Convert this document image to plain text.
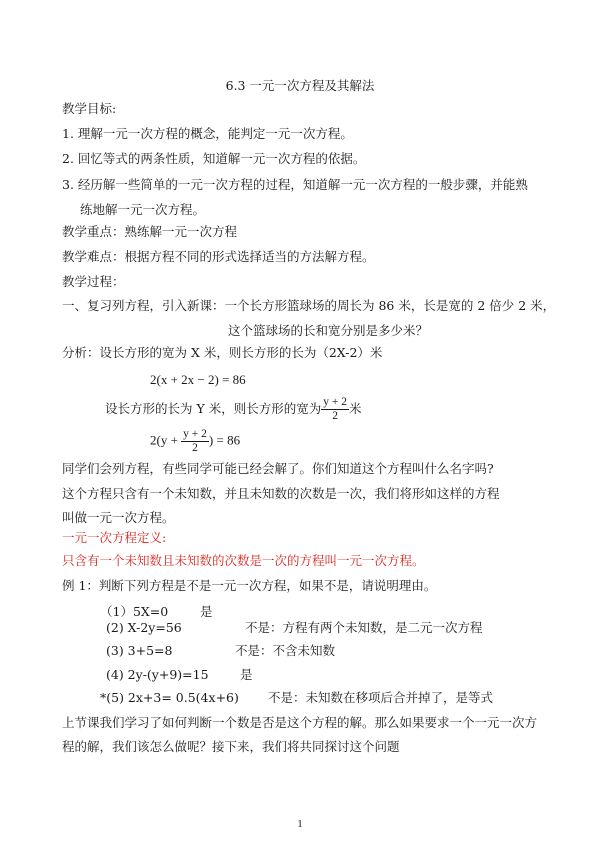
6.3 一元一次方程及其解法
教学目标:
1. 理解一元一次方程的概念，能判定一元一次方程。
2. 回忆等式的两条性质，知道解一元一次方程的依据。
3. 经历解一些简单的一元一次方程的过程，知道解一元一次方程的一般步骤，并能熟
练地解一元一次方程。
教学重点：熟练解一元一次方程
教学难点：根据方程不同的形式选择适当的方法解方程。
教学过程：
一、复习列方程，引入新课：一个长方形篮球场的周长为 86 米，长是宽的 2 倍少 2 米，
这个篮球场的长和宽分别是多少米？
分析：设长方形的宽为 X 米，则长方形的长为（2X-2）米
2(x + 2x − 2) = 86
设长方形的长为 Y 米，则长方形的宽为 $\frac{y + 2}{2}$ 米
$2(y + \frac{y + 2}{2}$ ) = 86
同学们会列方程，有些同学可能已经会解了。你们知道这个方程叫什么名字吗?
这个方程只含有一个未知数，并且未知数的次数是一次，我们将形如这样的方程
叫做一元一次方程。
一元一次方程定义:
只含有一个未知数且未知数的次数是一次的方程叫一元一次方程。
例 1：判断下列方程是不是一元一次方程，如果不是，请说明理由。
（1）5X=0	是
(2) X-2y=56	不是：方程有两个未知数，是二元一次方程
(3) 3+5=8	不是：不含未知数
(4) 2y-(y+9)=15	是
*(5) 2x+3= 0.5(4x+6) 不是：未知数在移项后合并掉了，是等式
上节课我们学习了如何判断一个数是否是这个方程的解。那么如果要求一个一元一次方
程的解，我们该怎么做呢？接下来，我们将共同探讨这个问题
1
